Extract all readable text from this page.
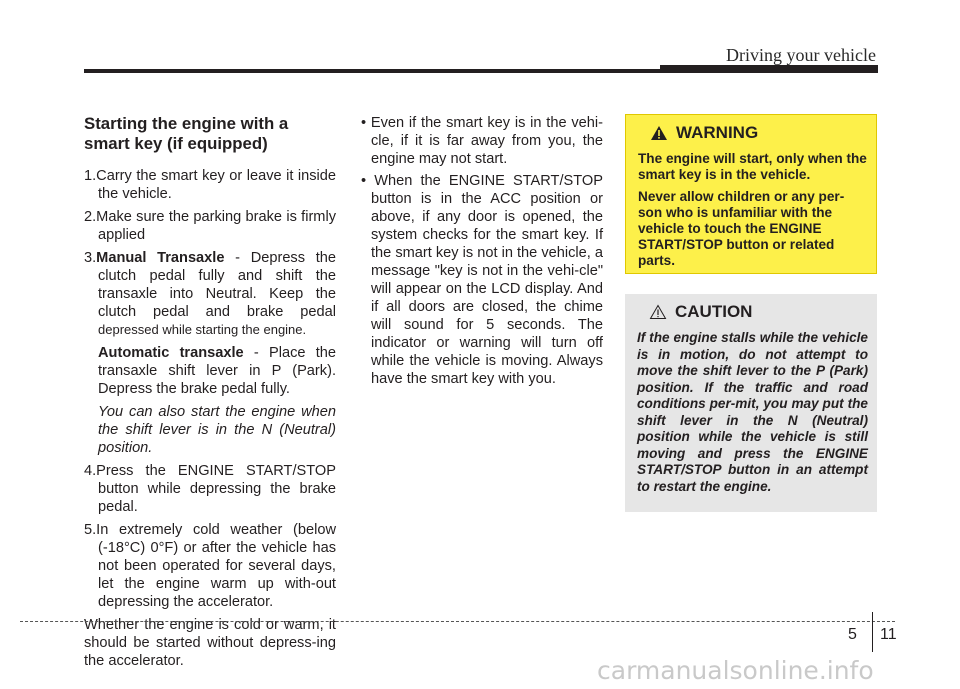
Driving your vehicle

Starting the engine with a smart key (if equipped)

1.Carry the smart key or leave it inside the vehicle.

2.Make sure the parking brake is firmly applied

3.Manual Transaxle - Depress the clutch pedal fully and shift the transaxle into Neutral. Keep the clutch pedal and brake pedal depressed while starting the engine.

Automatic transaxle - Place the transaxle shift lever in P (Park). Depress the brake pedal fully.

You can also start the engine when the shift lever is in the N (Neutral) position.

4.Press the ENGINE START/STOP button while depressing the brake pedal.

5.In extremely cold weather (below (-18°C) 0°F) or after the vehicle has not been operated for several days, let the engine warm up with-out depressing the accelerator.

Whether the engine is cold or warm, it should be started without depress-ing the accelerator.

• Even if the smart key is in the vehi-cle, if it is far away from you, the engine may not start.

• When the ENGINE START/STOP button is in the ACC position or above, if any door is opened, the system checks for the smart key. If the smart key is not in the vehicle, a message "key is not in the vehi-cle" will appear on the LCD display. And if all doors are closed, the chime will sound for 5 seconds. The indicator or warning will turn off while the vehicle is moving. Always have the smart key with you.

WARNING

The engine will start, only when the smart key is in the vehicle.

Never allow children or any per-son who is unfamiliar with the vehicle to touch the ENGINE START/STOP button or related parts.

CAUTION

If the engine stalls while the vehicle is in motion, do not attempt to move the shift lever to the P (Park) position. If the traffic and road conditions per-mit, you may put the shift lever in the N (Neutral) position while the vehicle is still moving and press the ENGINE START/STOP button in an attempt to restart the engine.

5 11
carmanualsonline.info
